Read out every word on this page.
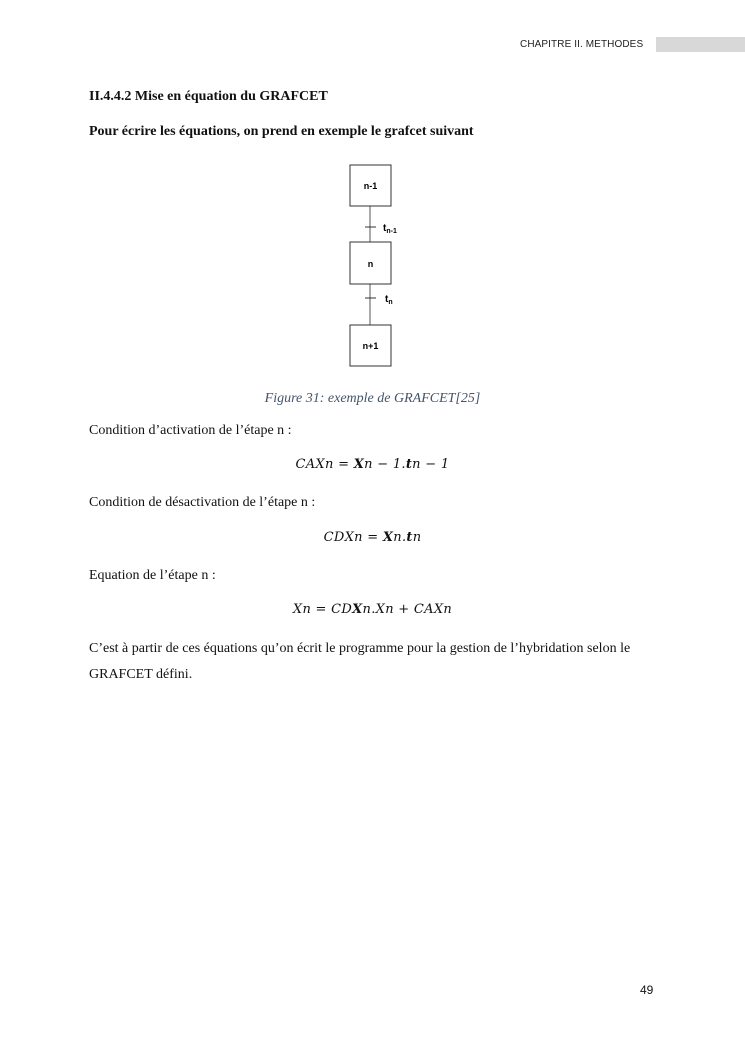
CHAPITRE II. METHODES
II.4.4.2 Mise en équation du GRAFCET
Pour écrire les équations, on prend en exemple le grafcet suivant
n-1
n
n+1
$t_{n-1}$
$t_n$
Figure 31: exemple de GRAFCET[25]
Condition d’activation de l’étape n :
CAXn = Xn − 1.tn − 1
Condition de désactivation de l’étape n :
CDXn = Xn.tn
Equation de l’étape n :
Xn = CDXn.Xn + CAXn
C’est à partir de ces équations qu’on écrit le programme pour la gestion de l’hybridation selon le GRAFCET défini.
49
